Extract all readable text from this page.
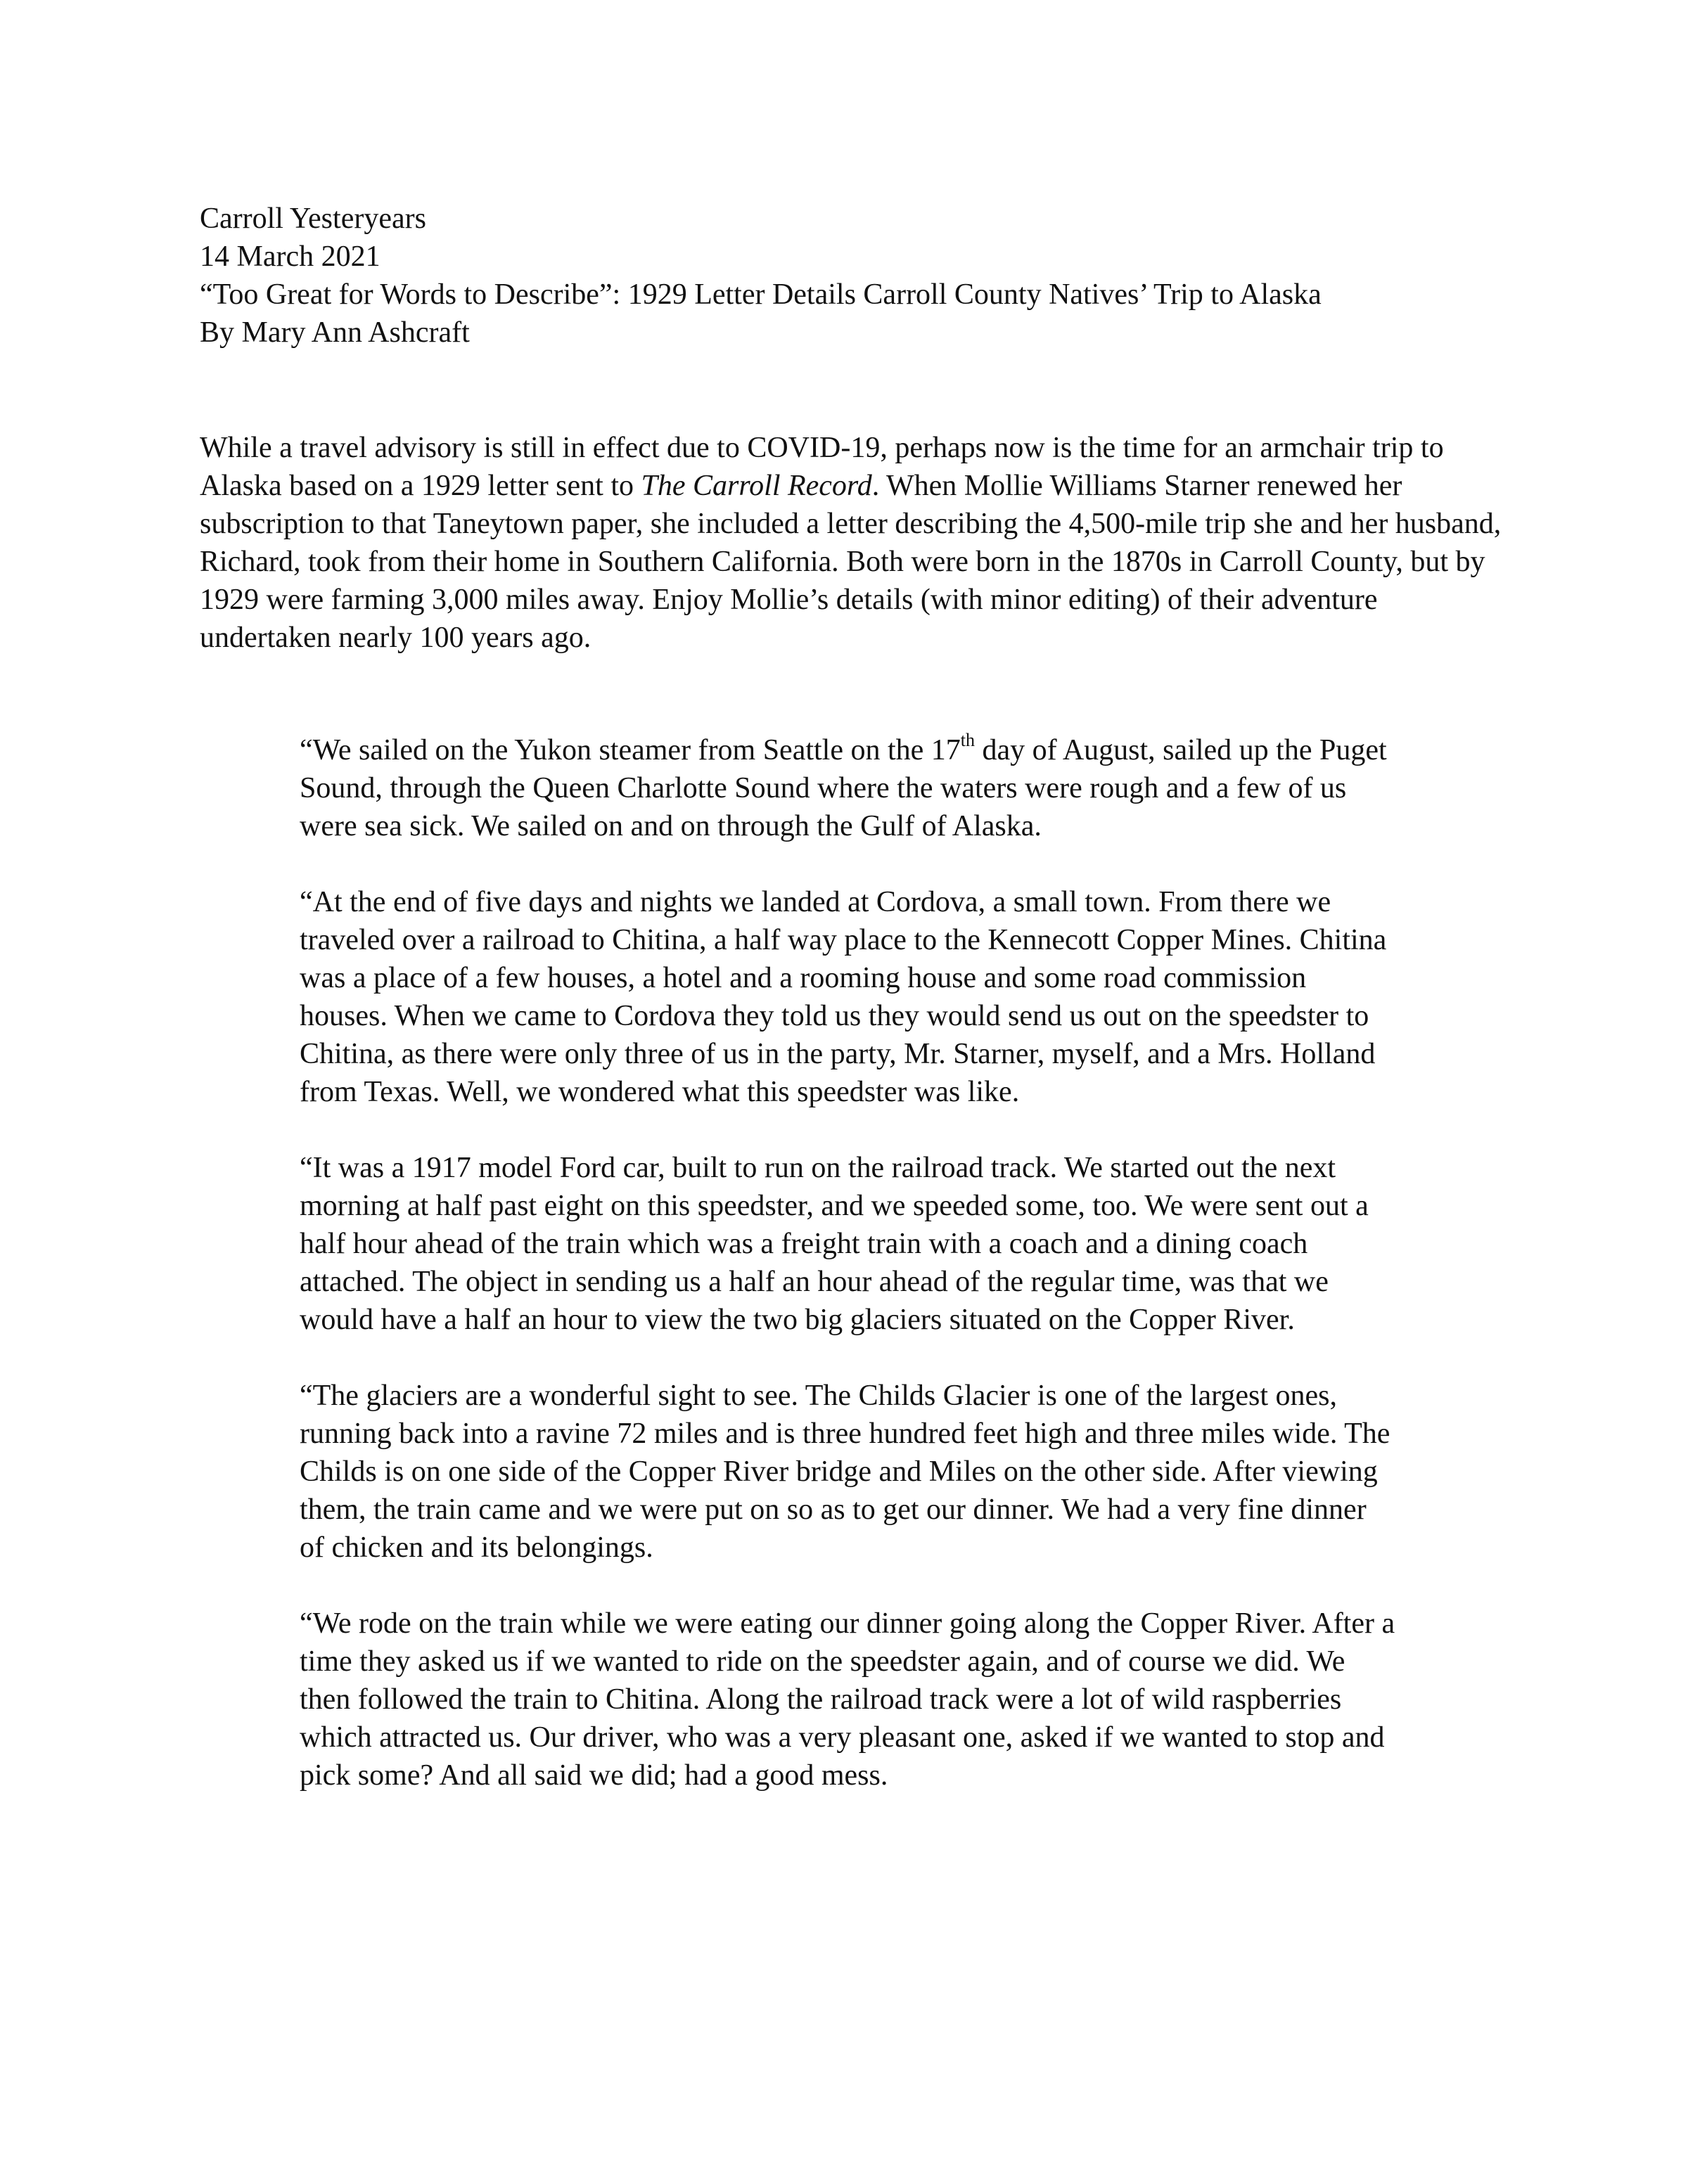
Carroll Yesteryears
14 March 2021
“Too Great for Words to Describe”: 1929 Letter Details Carroll County Natives’ Trip to Alaska
By Mary Ann Ashcraft

While a travel advisory is still in effect due to COVID-19, perhaps now is the time for an armchair trip to Alaska based on a 1929 letter sent to The Carroll Record. When Mollie Williams Starner renewed her subscription to that Taneytown paper, she included a letter describing the 4,500-mile trip she and her husband, Richard, took from their home in Southern California. Both were born in the 1870s in Carroll County, but by 1929 were farming 3,000 miles away. Enjoy Mollie’s details (with minor editing) of their adventure undertaken nearly 100 years ago.

“We sailed on the Yukon steamer from Seattle on the 17th day of August, sailed up the Puget Sound, through the Queen Charlotte Sound where the waters were rough and a few of us were sea sick. We sailed on and on through the Gulf of Alaska.

“At the end of five days and nights we landed at Cordova, a small town. From there we traveled over a railroad to Chitina, a half way place to the Kennecott Copper Mines. Chitina was a place of a few houses, a hotel and a rooming house and some road commission houses. When we came to Cordova they told us they would send us out on the speedster to Chitina, as there were only three of us in the party, Mr. Starner, myself, and a Mrs. Holland from Texas. Well, we wondered what this speedster was like.

“It was a 1917 model Ford car, built to run on the railroad track. We started out the next morning at half past eight on this speedster, and we speeded some, too. We were sent out a half hour ahead of the train which was a freight train with a coach and a dining coach attached. The object in sending us a half an hour ahead of the regular time, was that we would have a half an hour to view the two big glaciers situated on the Copper River.

“The glaciers are a wonderful sight to see. The Childs Glacier is one of the largest ones, running back into a ravine 72 miles and is three hundred feet high and three miles wide. The Childs is on one side of the Copper River bridge and Miles on the other side. After viewing them, the train came and we were put on so as to get our dinner. We had a very fine dinner of chicken and its belongings.

“We rode on the train while we were eating our dinner going along the Copper River. After a time they asked us if we wanted to ride on the speedster again, and of course we did. We then followed the train to Chitina. Along the railroad track were a lot of wild raspberries which attracted us. Our driver, who was a very pleasant one, asked if we wanted to stop and pick some? And all said we did; had a good mess.
